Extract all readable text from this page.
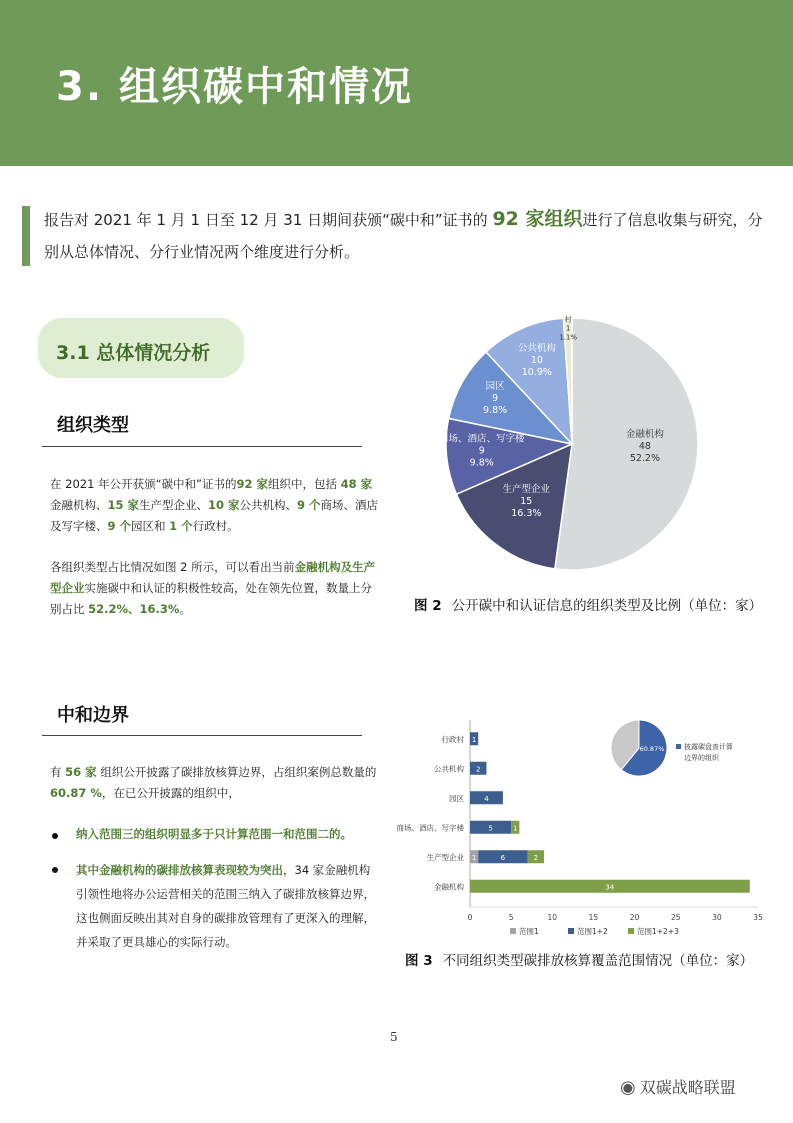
3. 组织碳中和情况
报告对 2021 年 1 月 1 日至 12 月 31 日期间获颁“碳中和”证书的 92 家组织进行了信息收集与研究，分别从总体情况、分行业情况两个维度进行分析。
3.1 总体情况分析
组织类型
在 2021 年公开获颁“碳中和”证书的92 家组织中，包括 48 家金融机构、15 家生产型企业、10 家公共机构、9 个商场、酒店及写字楼、9 个园区和 1 个行政村。
各组织类型占比情况如图 2 所示，可以看出当前金融机构及生产型企业实施碳中和认证的积极性较高，处在领先位置，数量上分别占比 52.2%、16.3%。
金融机构
48
52.2%
生产型企业
15
16.3%
商场、酒店、写字楼
9
9.8%
园区
9
9.8%
公共机构
10
10.9%
村
1
1.1%
图 2 公开碳中和认证信息的组织类型及比例（单位：家）
中和边界
有 56 家 组织公开披露了碳排放核算边界，占组织案例总数量的 60.87 %，在已公开披露的组织中，
纳入范围三的组织明显多于只计算范围一和范围二的。
其中金融机构的碳排放核算表现较为突出，34 家金融机构引领性地将办公运营相关的范围三纳入了碳排放核算边界，这也侧面反映出其对自身的碳排放管理有了更深入的理解，并采取了更具雄心的实际行动。
0	5	10	15	20	25	30	35
行政村 1
公共机构 2
园区	4
商场、酒店、写字楼	5	1
生产型企业 1	6	2
金融机构	34
范围1	范围1+2	范围1+2+3
60.87%	披露碳盘查计算
边界的组织
图 3 不同组织类型碳排放核算覆盖范围情况（单位：家）
5
◉ 双碳战略联盟
